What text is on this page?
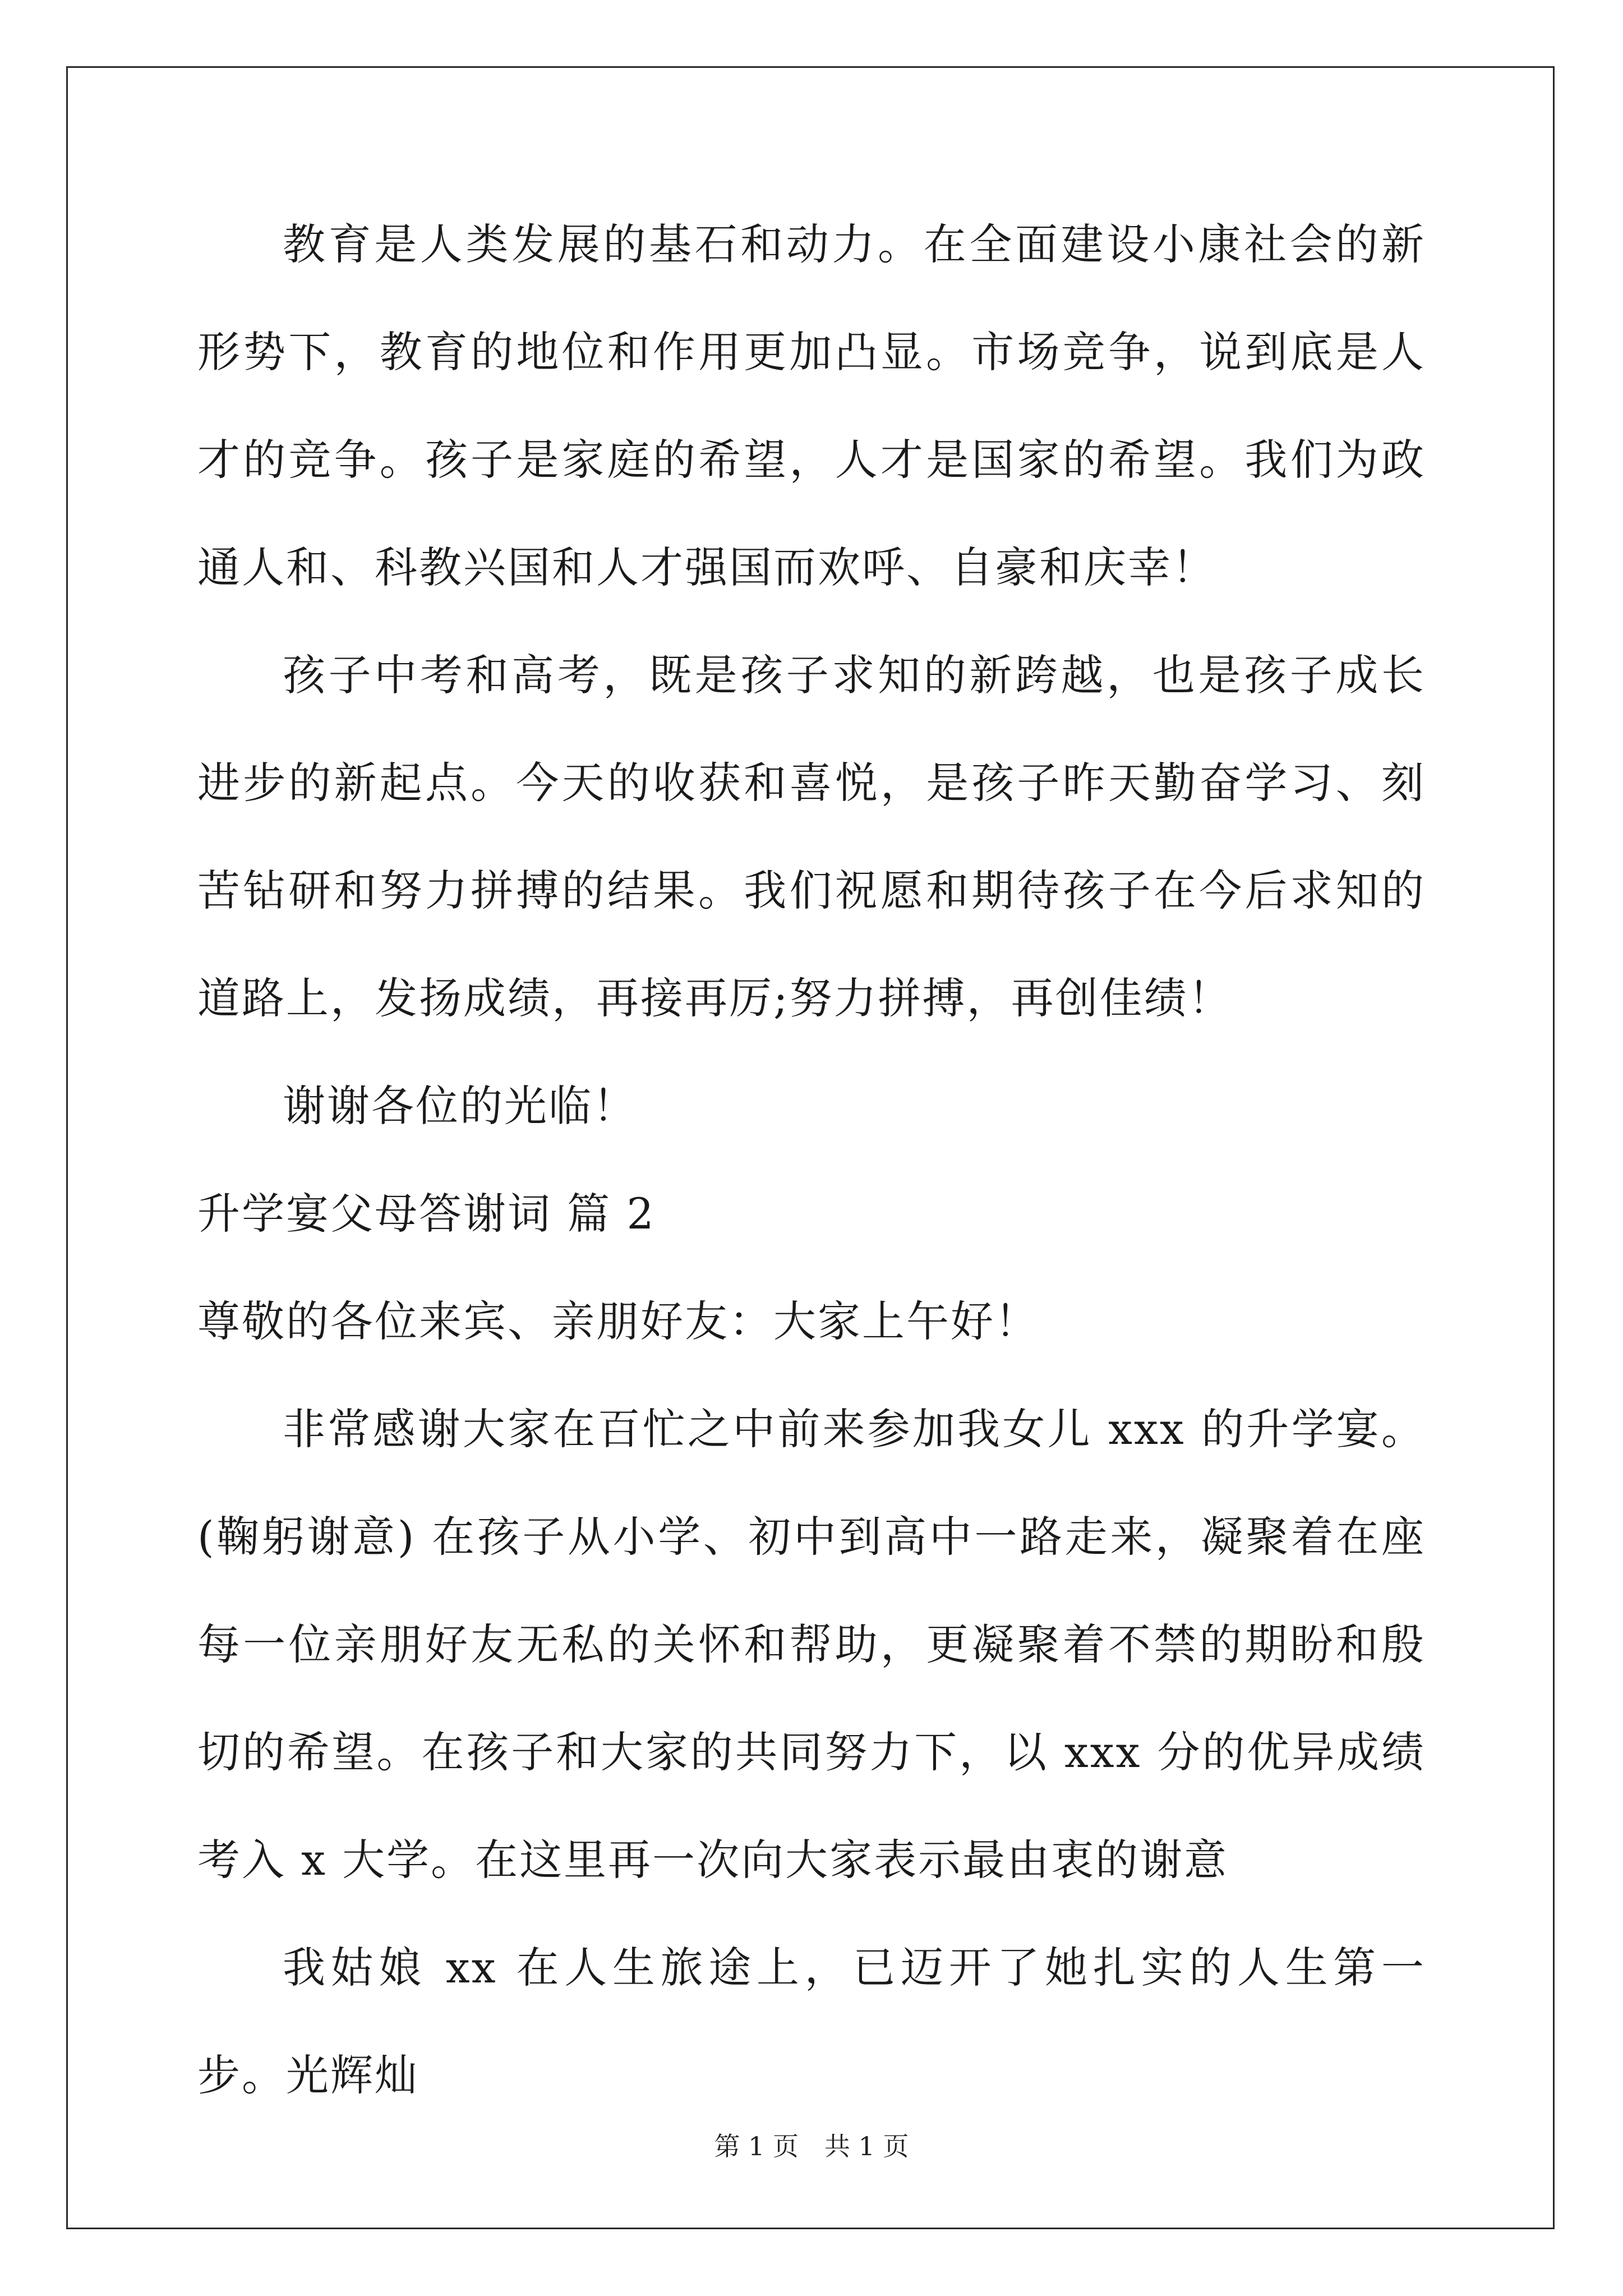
教育是人类发展的基石和动力。在全面建设小康社会的新形势下，教育的地位和作用更加凸显。市场竞争，说到底是人才的竞争。孩子是家庭的希望，人才是国家的希望。我们为政通人和、科教兴国和人才强国而欢呼、自豪和庆幸！

孩子中考和高考，既是孩子求知的新跨越，也是孩子成长进步的新起点。今天的收获和喜悦，是孩子昨天勤奋学习、刻苦钻研和努力拼搏的结果。我们祝愿和期待孩子在今后求知的道路上，发扬成绩，再接再厉;努力拼搏，再创佳绩！

谢谢各位的光临！

升学宴父母答谢词 篇 2

尊敬的各位来宾、亲朋好友：大家上午好！

非常感谢大家在百忙之中前来参加我女儿 xxx 的升学宴。(鞠躬谢意) 在孩子从小学、初中到高中一路走来，凝聚着在座每一位亲朋好友无私的关怀和帮助，更凝聚着不禁的期盼和殷切的希望。在孩子和大家的共同努力下，以 xxx 分的优异成绩考入 x 大学。在这里再一次向大家表示最由衷的谢意

我姑娘 xx 在人生旅途上，已迈开了她扎实的人生第一步。光辉灿

第 1 页　共 1 页
